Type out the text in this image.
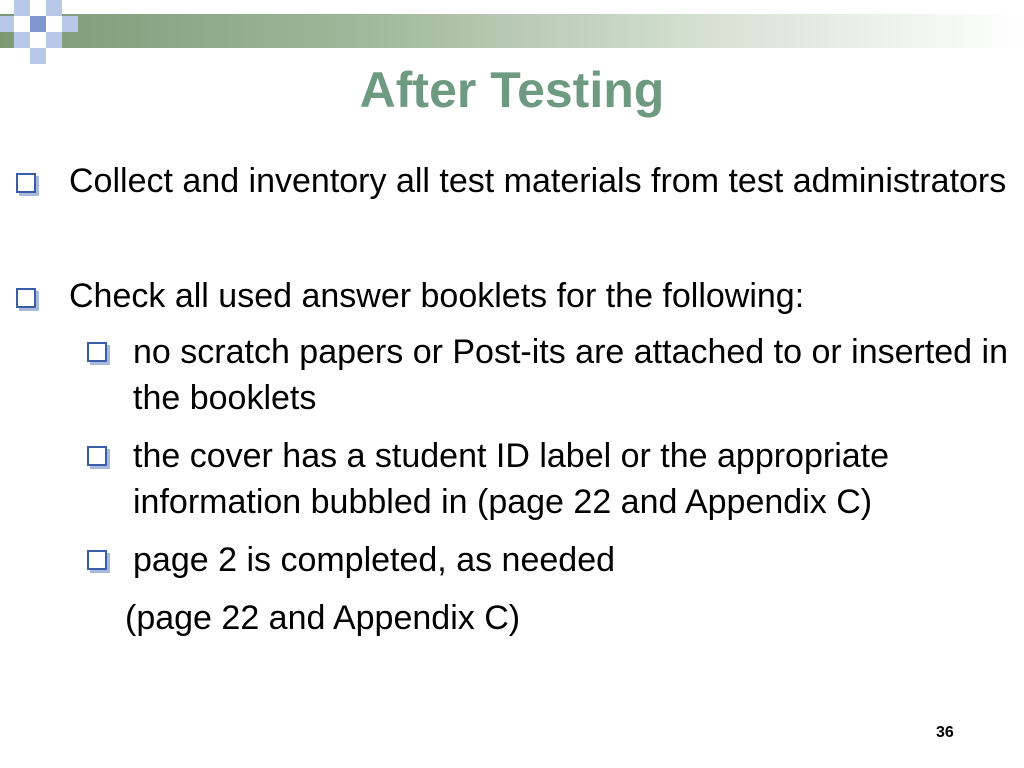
After Testing
Collect and inventory all test materials from test administrators
Check all used answer booklets for the following:
no scratch papers or Post-its are attached to or inserted in the booklets
the cover has a student ID label or the appropriate information bubbled in (page 22 and Appendix C)
page 2 is completed, as needed
(page 22 and Appendix C)
36
